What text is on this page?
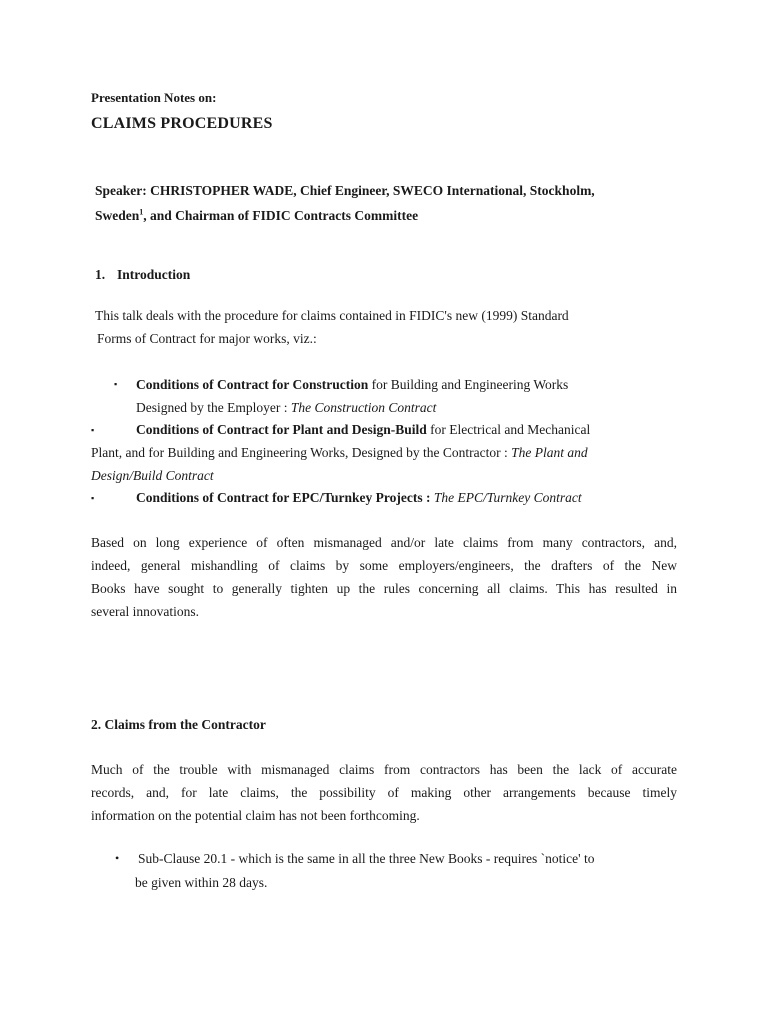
Presentation Notes on:
CLAIMS PROCEDURES
Speaker: CHRISTOPHER WADE, Chief Engineer, SWECO International, Stockholm,
Sweden$^1$, and Chairman of FIDIC Contracts Committee
1. Introduction
This talk deals with the procedure for claims contained in FIDIC's new (1999) Standard
Forms of Contract for major works, viz.:
▪ Conditions of Contract for Construction for Building and Engineering Works
Designed by the Employer : The Construction Contract
▪	Conditions of Contract for Plant and Design-Build for Electrical and Mechanical
Plant, and for Building and Engineering Works, Designed by the Contractor : The Plant and
Design/Build Contract
▪	Conditions of Contract for EPC/Turnkey Projects : The EPC/Turnkey Contract
Based on long experience of often mismanaged and/or late claims from many contractors, and,
indeed, general mishandling of claims by some employers/engineers, the drafters of the New
Books have sought to generally tighten up the rules concerning all claims. This has resulted in
several innovations.
2. Claims from the Contractor
Much of the trouble with mismanaged claims from contractors has been the lack of accurate
records, and, for late claims, the possibility of making other arrangements because timely
information on the potential claim has not been forthcoming.
• Sub-Clause 20.1 - which is the same in all the three New Books - requires `notice' to
be given within 28 days.
